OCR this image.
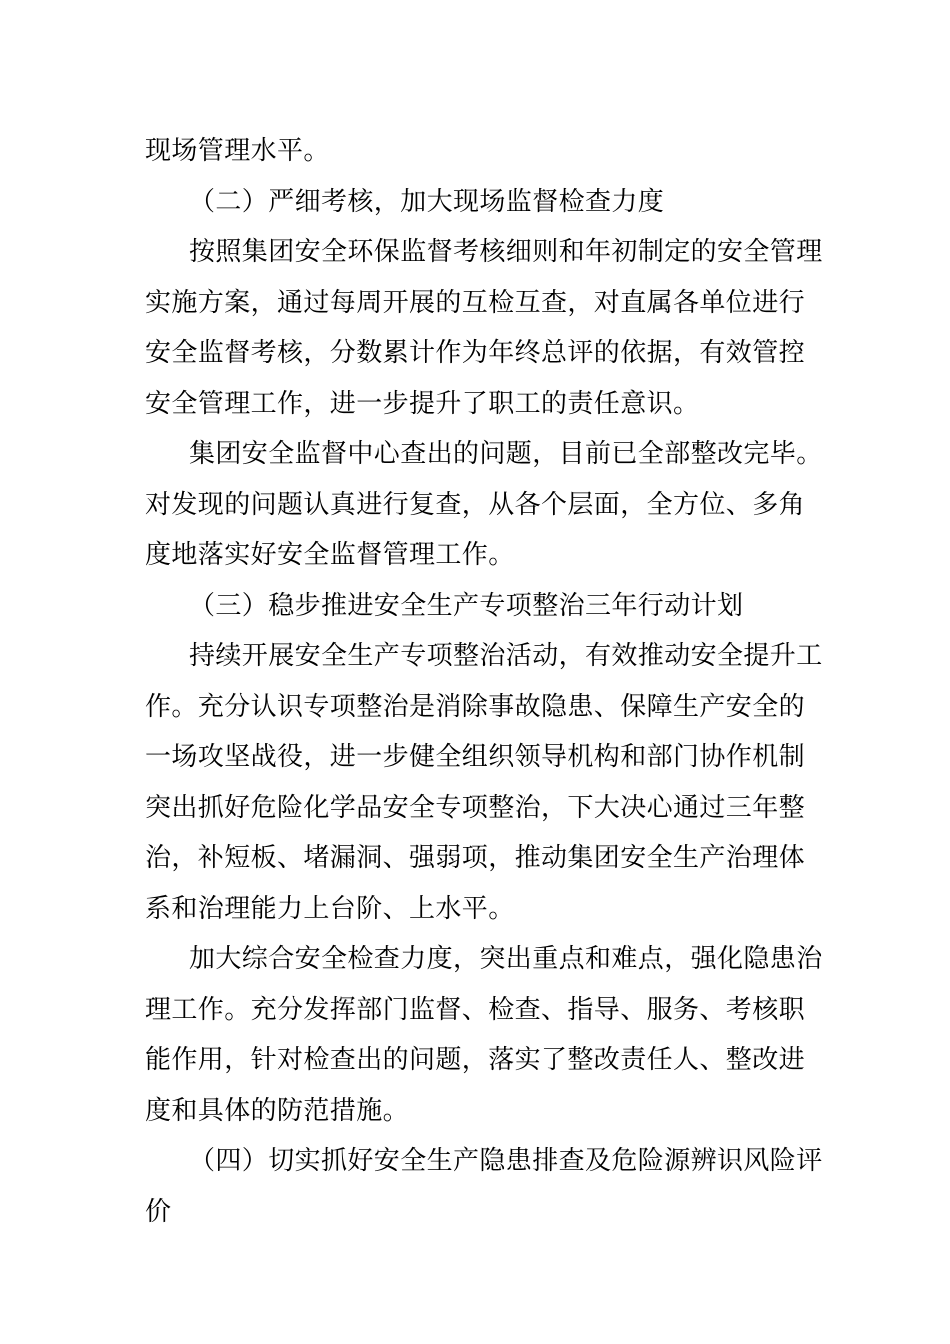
现场管理水平。
（二）严细考核，加大现场监督检查力度
按照集团安全环保监督考核细则和年初制定的安全管理
实施方案，通过每周开展的互检互查，对直属各单位进行
安全监督考核，分数累计作为年终总评的依据，有效管控
安全管理工作，进一步提升了职工的责任意识。
集团安全监督中心查出的问题，目前已全部整改完毕。
对发现的问题认真进行复查，从各个层面，全方位、多角
度地落实好安全监督管理工作。
（三）稳步推进安全生产专项整治三年行动计划
持续开展安全生产专项整治活动，有效推动安全提升工
作。充分认识专项整治是消除事故隐患、保障生产安全的
一场攻坚战役，进一步健全组织领导机构和部门协作机制
突出抓好危险化学品安全专项整治，下大决心通过三年整
治，补短板、堵漏洞、强弱项，推动集团安全生产治理体
系和治理能力上台阶、上水平。
加大综合安全检查力度，突出重点和难点，强化隐患治
理工作。充分发挥部门监督、检查、指导、服务、考核职
能作用，针对检查出的问题，落实了整改责任人、整改进
度和具体的防范措施。
（四）切实抓好安全生产隐患排查及危险源辨识风险评
价
